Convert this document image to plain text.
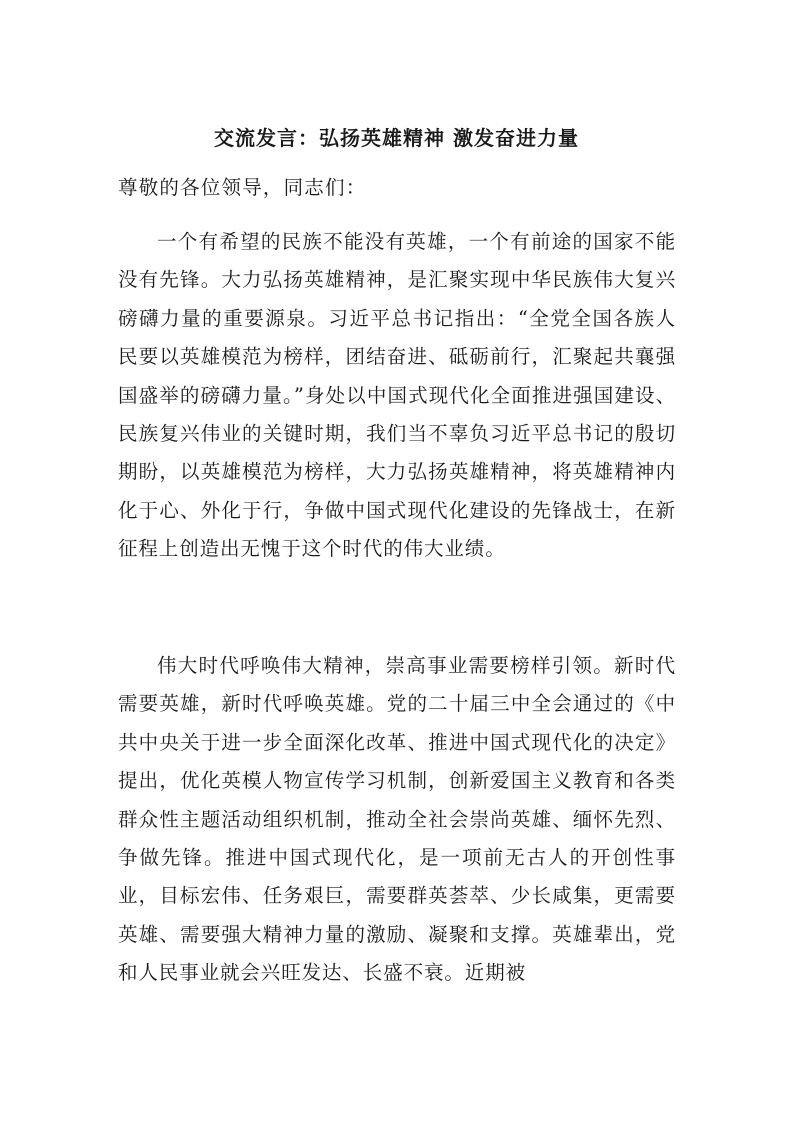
交流发言：弘扬英雄精神 激发奋进力量

尊敬的各位领导，同志们：

一个有希望的民族不能没有英雄，一个有前途的国家不能没有先锋。大力弘扬英雄精神，是汇聚实现中华民族伟大复兴磅礴力量的重要源泉。习近平总书记指出：“全党全国各族人民要以英雄模范为榜样，团结奋进、砥砺前行，汇聚起共襄强国盛举的磅礴力量。”身处以中国式现代化全面推进强国建设、民族复兴伟业的关键时期，我们当不辜负习近平总书记的殷切期盼，以英雄模范为榜样，大力弘扬英雄精神，将英雄精神内化于心、外化于行，争做中国式现代化建设的先锋战士，在新征程上创造出无愧于这个时代的伟大业绩。

伟大时代呼唤伟大精神，崇高事业需要榜样引领。新时代需要英雄，新时代呼唤英雄。党的二十届三中全会通过的《中共中央关于进一步全面深化改革、推进中国式现代化的决定》提出，优化英模人物宣传学习机制，创新爱国主义教育和各类群众性主题活动组织机制，推动全社会崇尚英雄、缅怀先烈、争做先锋。推进中国式现代化，是一项前无古人的开创性事业，目标宏伟、任务艰巨，需要群英荟萃、少长咸集，更需要英雄、需要强大精神力量的激励、凝聚和支撑。英雄辈出，党和人民事业就会兴旺发达、长盛不衰。近期被
